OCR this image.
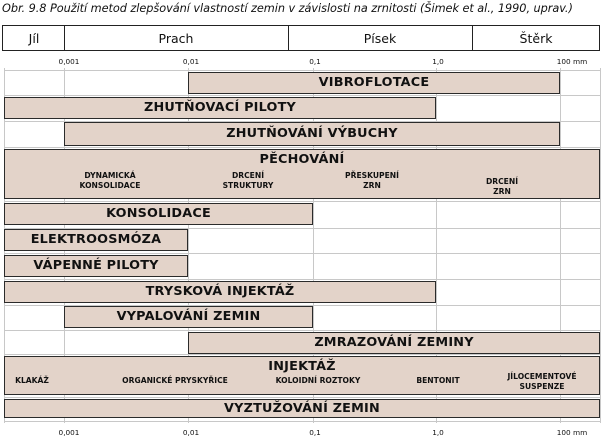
Obr. 9.8 Použití metod zlepšování vlastností zemin v závislosti na zrnitosti (Šimek et al., 1990, uprav.)
Jíl	Prach	Písek	Štěrk
0,001	0,01	0,1	1,0	100 mm
VIBROFLOTACE
ZHUTŇOVACÍ PILOTY
ZHUTŇOVÁNÍ VÝBUCHY
PĚCHOVÁNÍ
DYNAMICKÁ
KONSOLIDACE
DRCENÍ
STRUKTURY
PŘESKUPENÍ
ZRN	DRCENÍ
ZRN
KONSOLIDACE
ELEKTROOSMÓZA
VÁPENNÉ PILOTY
TRYSKOVÁ INJEKTÁŽ
VYPALOVÁNÍ ZEMIN
ZMRAZOVÁNÍ ZEMINY
INJEKTÁŽ
KLAKÁŽ	ORGANICKÉ PRYSKYŘICE	KOLOIDNÍ ROZTOKY	BENTONIT	JÍLOCEMENTOVÉ
SUSPENZE
VYZTUŽOVÁNÍ ZEMIN
0,001	0,01	0,1	1,0	100 mm
